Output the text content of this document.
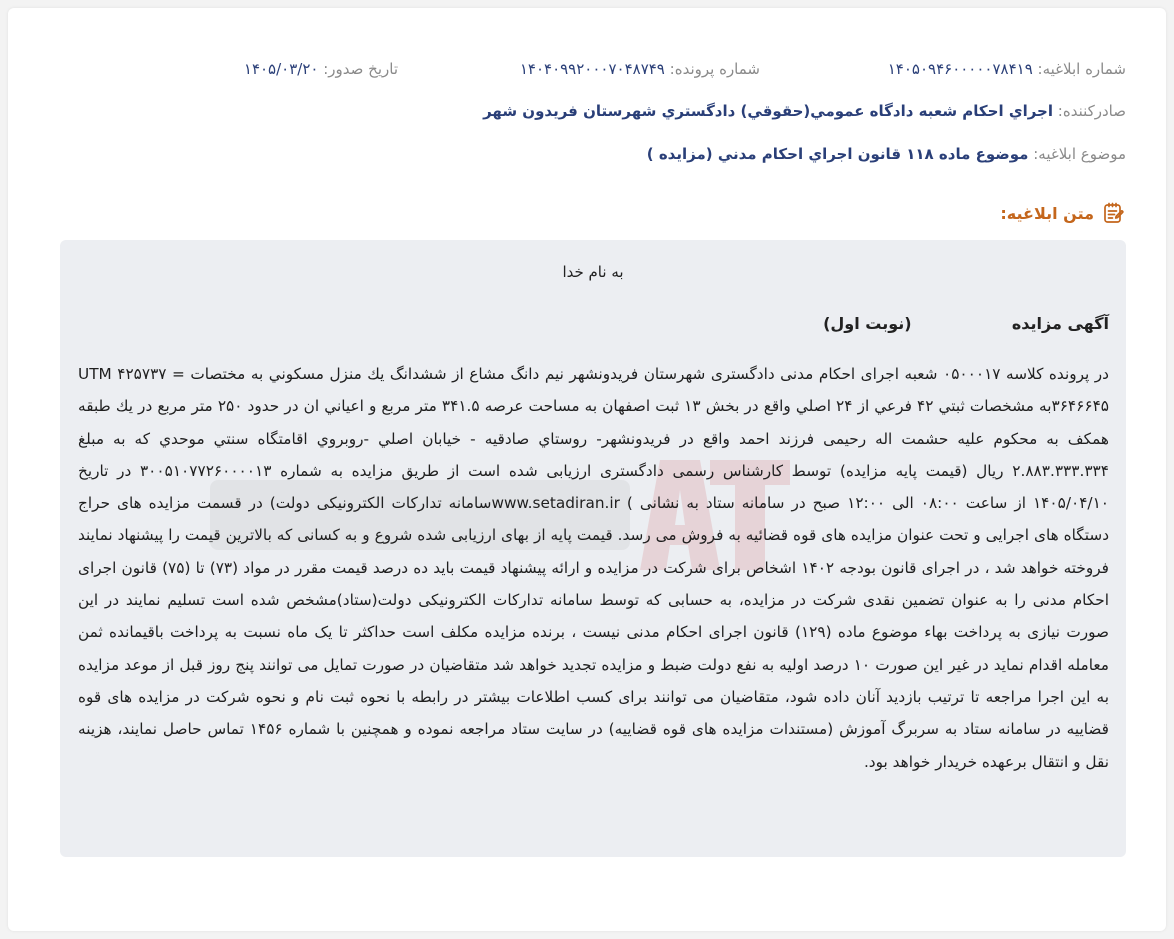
شماره ابلاغیه: ۱۴۰۵۰۹۴۶۰۰۰۰۰۷۸۴۱۹
شماره پرونده: ۱۴۰۴۰۹۹۲۰۰۰۷۰۴۸۷۴۹
تاریخ صدور: ۱۴۰۵/۰۳/۲۰
صادرکننده: اجراي احكام شعبه دادگاه عمومي(حقوقي) دادگستري شهرستان فريدون شهر
موضوع ابلاغیه: موضوع ماده ۱۱۸ قانون اجراي احكام مدني (مزايده )
متن ابلاغیه:
به نام خدا
آگهی مزایده                  (نوبت اول)
در پرونده کلاسه ۰۵۰۰۰۱۷ شعبه اجرای احکام مدنی دادگستری شهرستان فریدونشهر نیم دانگ مشاع از ششدانگ یك منزل مسكوني به مختصات UTM ۴۲۵۷۳۷ = ۳۶۴۶۶۴۵به مشخصات ثبتي ۴۲ فرعي از ۲۴ اصلي واقع در بخش ۱۳ ثبت اصفهان به مساحت عرصه ۳۴۱.۵ متر مربع و اعياني ان در حدود ۲۵۰ متر مربع در یك طبقه همكف به محكوم علیه حشمت اله رحیمی فرزند احمد واقع در فريدونشهر- روستاي صادقيه - خيابان اصلي -روبروي اقامتگاه سنتي موحدي كه به مبلغ ۲.۸۸۳.۳۳۳.۳۳۴ ريال (قیمت پایه مزایده) توسط کارشناس رسمی دادگستری ارزیابی شده است از طریق مزایده به شماره ۳۰۰۵۱۰۷۷۲۶۰۰۰۰۱۳ در تاریخ ۱۴۰۵/۰۴/۱۰ از ساعت ۰۸:۰۰ الی ۱۲:۰۰ صبح در سامانه ستاد به نشانی ) www.setadiran.irسامانه تدارکات الکترونیکی دولت) در قسمت مزایده های حراج دستگاه های اجرایی و تحت عنوان مزایده های قوه قضائیه به فروش می رسد. قیمت پایه از بهای ارزیابی شده شروع و به کسانی که بالاترین قیمت را پیشنهاد نمایند فروخته خواهد شد ، در اجرای قانون بودجه ۱۴۰۲ اشخاص برای شرکت در مزایده و ارائه پیشنهاد قیمت باید ده درصد قیمت مقرر در مواد (۷۳) تا (۷۵) قانون اجرای احکام مدنی را به عنوان تضمین نقدی شرکت در مزایده، به حسابی که توسط سامانه تدارکات الکترونیکی دولت(ستاد)مشخص شده است تسلیم نمایند در این صورت نیازی به پرداخت بهاء موضوع ماده (۱۲۹) قانون اجرای احکام مدنی نیست ، برنده مزایده مکلف است حداکثر تا یک ماه نسبت به پرداخت باقیمانده ثمن معامله اقدام نماید در غیر این صورت ۱۰ درصد اولیه به نفع دولت ضبط و مزایده تجدید خواهد شد متقاضیان در صورت تمایل می توانند پنج روز قبل از موعد مزایده به این اجرا مراجعه تا ترتیب بازدید آنان داده شود، متقاضیان می توانند برای کسب اطلاعات بیشتر در رابطه با نحوه ثبت نام و نحوه شرکت در مزایده های قوه قضاییه در سامانه ستاد به سربرگ آموزش (مستندات مزایده های قوه قضاییه) در سایت ستاد مراجعه نموده و همچنین با شماره ۱۴۵۶ تماس حاصل نمایند، هزینه نقل و انتقال برعهده خریدار خواهد بود.
